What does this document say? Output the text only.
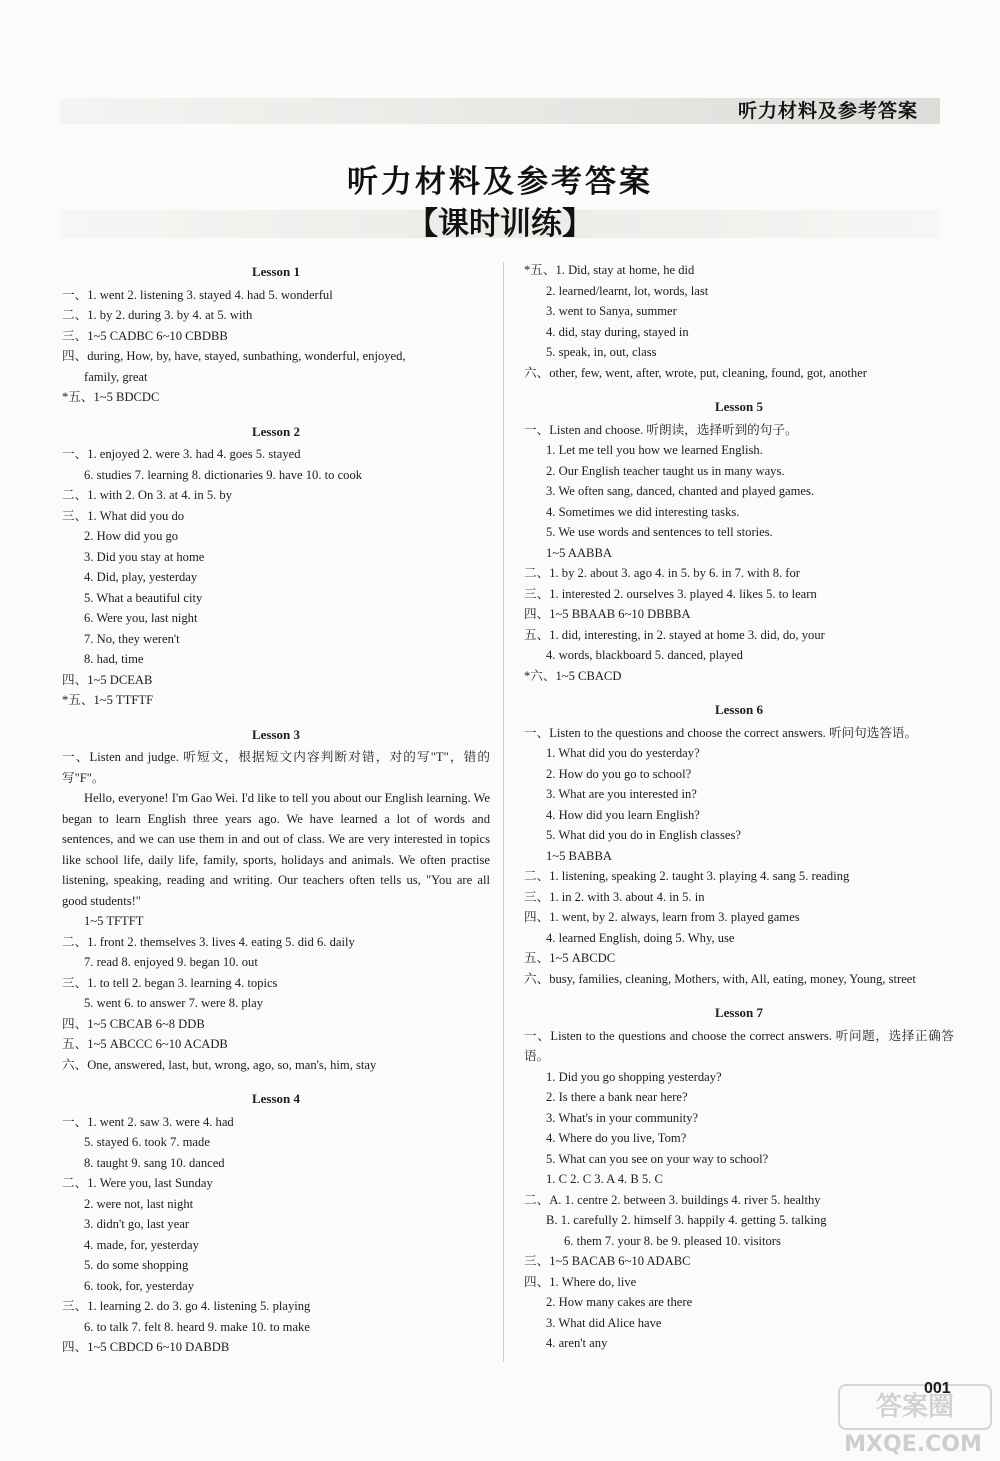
听力材料及参考答案
听力材料及参考答案
【课时训练】
Lesson 1
一、1. went 2. listening 3. stayed 4. had 5. wonderful
二、1. by 2. during 3. by 4. at 5. with
三、1~5 CADBC 6~10 CBDBB
四、during, How, by, have, stayed, sunbathing, wonderful, enjoyed,
family, great
*五、1~5 BDCDC
Lesson 2
一、1. enjoyed 2. were 3. had 4. goes 5. stayed
6. studies 7. learning 8. dictionaries 9. have 10. to cook
二、1. with 2. On 3. at 4. in 5. by
三、1. What did you do
2. How did you go
3. Did you stay at home
4. Did, play, yesterday
5. What a beautiful city
6. Were you, last night
7. No, they weren't
8. had, time
四、1~5 DCEAB
*五、1~5 TTFTF
Lesson 3
一、Listen and judge. 听短文，根据短文内容判断对错，对的写"T"，错的写"F"。
Hello, everyone! I'm Gao Wei. I'd like to tell you about our English learning. We began to learn English three years ago. We have learned a lot of words and sentences, and we can use them in and out of class. We are very interested in topics like school life, daily life, family, sports, holidays and animals. We often practise listening, speaking, reading and writing. Our teachers often tells us, "You are all good students!"
1~5 TFTFT
二、1. front 2. themselves 3. lives 4. eating 5. did 6. daily
7. read 8. enjoyed 9. began 10. out
三、1. to tell 2. began 3. learning 4. topics
5. went 6. to answer 7. were 8. play
四、1~5 CBCAB 6~8 DDB
五、1~5 ABCCC 6~10 ACADB
六、One, answered, last, but, wrong, ago, so, man's, him, stay
Lesson 4
一、1. went 2. saw 3. were 4. had
5. stayed 6. took 7. made
8. taught 9. sang 10. danced
二、1. Were you, last Sunday
2. were not, last night
3. didn't go, last year
4. made, for, yesterday
5. do some shopping
6. took, for, yesterday
三、1. learning 2. do 3. go 4. listening 5. playing
6. to talk 7. felt 8. heard 9. make 10. to make
四、1~5 CBDCD 6~10 DABDB
*五、1. Did, stay at home, he did
2. learned/learnt, lot, words, last
3. went to Sanya, summer
4. did, stay during, stayed in
5. speak, in, out, class
六、other, few, went, after, wrote, put, cleaning, found, got, another
Lesson 5
一、Listen and choose. 听朗读，选择听到的句子。
1. Let me tell you how we learned English.
2. Our English teacher taught us in many ways.
3. We often sang, danced, chanted and played games.
4. Sometimes we did interesting tasks.
5. We use words and sentences to tell stories.
1~5 AABBA
二、1. by 2. about 3. ago 4. in 5. by 6. in 7. with 8. for
三、1. interested 2. ourselves 3. played 4. likes 5. to learn
四、1~5 BBAAB 6~10 DBBBA
五、1. did, interesting, in 2. stayed at home 3. did, do, your
4. words, blackboard 5. danced, played
*六、1~5 CBACD
Lesson 6
一、Listen to the questions and choose the correct answers. 听问句选答语。
1. What did you do yesterday?
2. How do you go to school?
3. What are you interested in?
4. How did you learn English?
5. What did you do in English classes?
1~5 BABBA
二、1. listening, speaking 2. taught 3. playing 4. sang 5. reading
三、1. in 2. with 3. about 4. in 5. in
四、1. went, by 2. always, learn from 3. played games
4. learned English, doing 5. Why, use
五、1~5 ABCDC
六、busy, families, cleaning, Mothers, with, All, eating, money, Young, street
Lesson 7
一、Listen to the questions and choose the correct answers. 听问题，选择正确答语。
1. Did you go shopping yesterday?
2. Is there a bank near here?
3. What's in your community?
4. Where do you live, Tom?
5. What can you see on your way to school?
1. C 2. C 3. A 4. B 5. C
二、A. 1. centre 2. between 3. buildings 4. river 5. healthy
B. 1. carefully 2. himself 3. happily 4. getting 5. talking
6. them 7. your 8. be 9. pleased 10. visitors
三、1~5 BACAB 6~10 ADABC
四、1. Where do, live
2. How many cakes are there
3. What did Alice have
4. aren't any
答案圈
MXQE.COM
001
